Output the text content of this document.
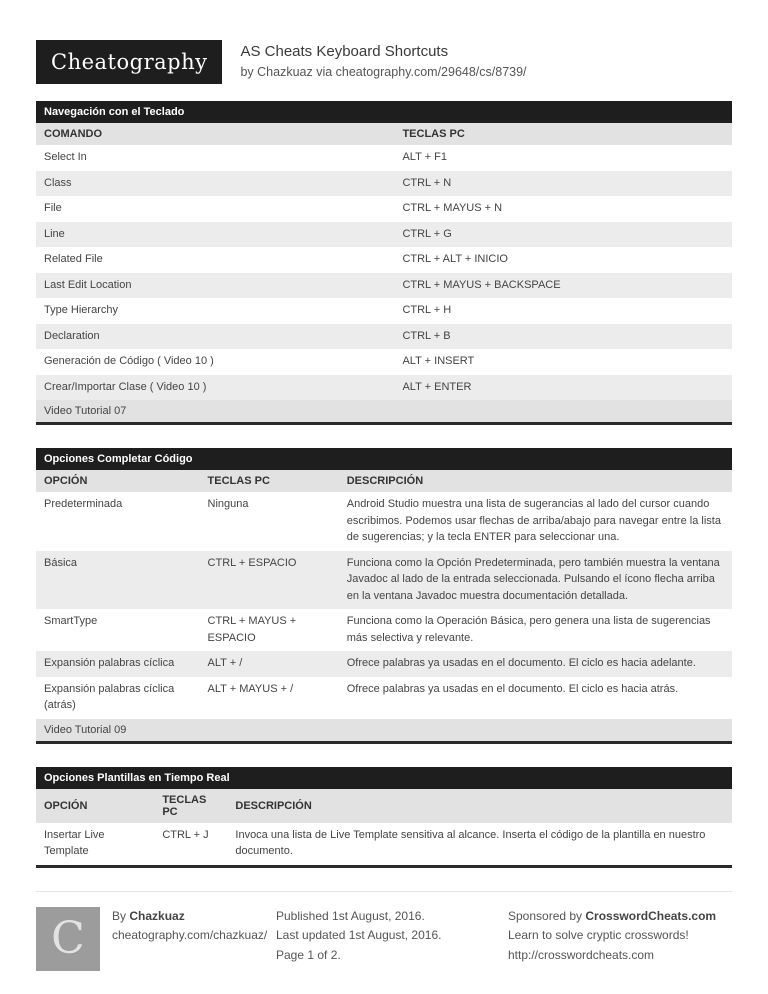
Cheatography	AS Cheats Keyboard Shortcuts
by Chazkuaz via cheatography.com/29648/cs/8739/
Navegación con el Teclado
COMANDO	TECLAS PC
Select In	ALT + F1
Class	CTRL + N
File	CTRL + MAYUS + N
Line	CTRL + G
Related File	CTRL + ALT + INICIO
Last Edit Location	CTRL + MAYUS + BACKSPACE
Type Hierarchy	CTRL + H
Declaration	CTRL + B
Generación de Código ( Video 10 )	ALT + INSERT
Crear/Importar Clase ( Video 10 )	ALT + ENTER
Video Tutorial 07
Opciones Completar Código
OPCIÓN	TECLAS PC	DESCRIPCIÓN
Predeterminada	Ninguna	Android Studio muestra una lista de sugerancias al lado del cursor cuando escribimos. Podemos usar flechas de arriba/abajo para navegar entre la lista de sugerencias; y la tecla ENTER para seleccionar una.
Básica	CTRL + ESPACIO	Funciona como la Opción Predeterminada, pero también muestra la ventana Javadoc al lado de la entrada seleccionada. Pulsando el ícono flecha arriba en la ventana Javadoc muestra documentación detallada.
SmartType	CTRL + MAYUS + ESPACIO	Funciona como la Operación Básica, pero genera una lista de sugerencias más selectiva y relevante.
Expansión palabras cíclica	ALT + /	Ofrece palabras ya usadas en el documento. El ciclo es hacia adelante.
Expansión palabras cíclica (atrás)	ALT + MAYUS + /	Ofrece palabras ya usadas en el documento. El ciclo es hacia atrás.
Video Tutorial 09
Opciones Plantillas en Tiempo Real
OPCIÓN	TECLAS PC	DESCRIPCIÓN
Insertar Live Template	CTRL + J	Invoca una lista de Live Template sensitiva al alcance. Inserta el código de la plantilla en nuestro documento.
C	By Chazkuaz
cheatography.com/chazkuaz/
Published 1st August, 2016.
Last updated 1st August, 2016.
Page 1 of 2.
Sponsored by CrosswordCheats.com
Learn to solve cryptic crosswords!
http://crosswordcheats.com
